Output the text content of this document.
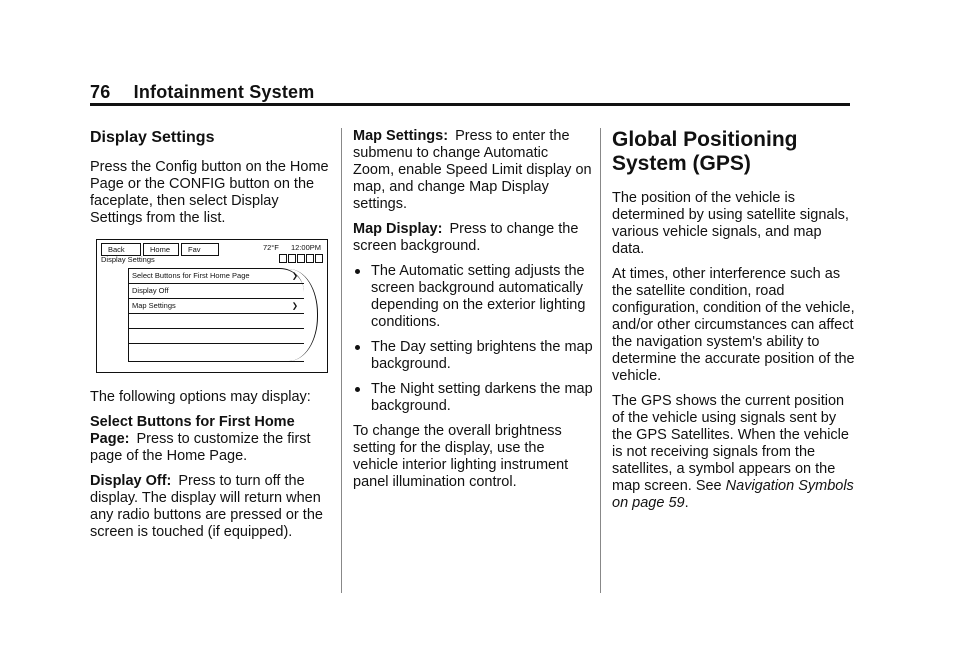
76 Infotainment System
Display Settings

Press the Config button on the Home Page or the CONFIG button on the faceplate, then select Display Settings from the list.

Back	Home	Fav	72°F 12:00PM
Display Settings
Select Buttons for First Home Page	❯
Display Off
Map Settings	❯

The following options may display:

Select Buttons for First Home Page: Press to customize the first page of the Home Page.

Display Off: Press to turn off the display. The display will return when any radio buttons are pressed or the screen is touched (if equipped).

Map Settings: Press to enter the submenu to change Automatic Zoom, enable Speed Limit display on map, and change Map Display settings.

Map Display: Press to change the screen background.

The Automatic setting adjusts the screen background automatically depending on the exterior lighting conditions.
The Day setting brightens the map background.
The Night setting darkens the map background.

To change the overall brightness setting for the display, use the vehicle interior lighting instrument panel illumination control.

Global Positioning System (GPS)

The position of the vehicle is determined by using satellite signals, various vehicle signals, and map data.

At times, other interference such as the satellite condition, road configuration, condition of the vehicle, and/or other circumstances can affect the navigation system's ability to determine the accurate position of the vehicle.

The GPS shows the current position of the vehicle using signals sent by the GPS Satellites. When the vehicle is not receiving signals from the satellites, a symbol appears on the map screen. See Navigation Symbols on page 59.
